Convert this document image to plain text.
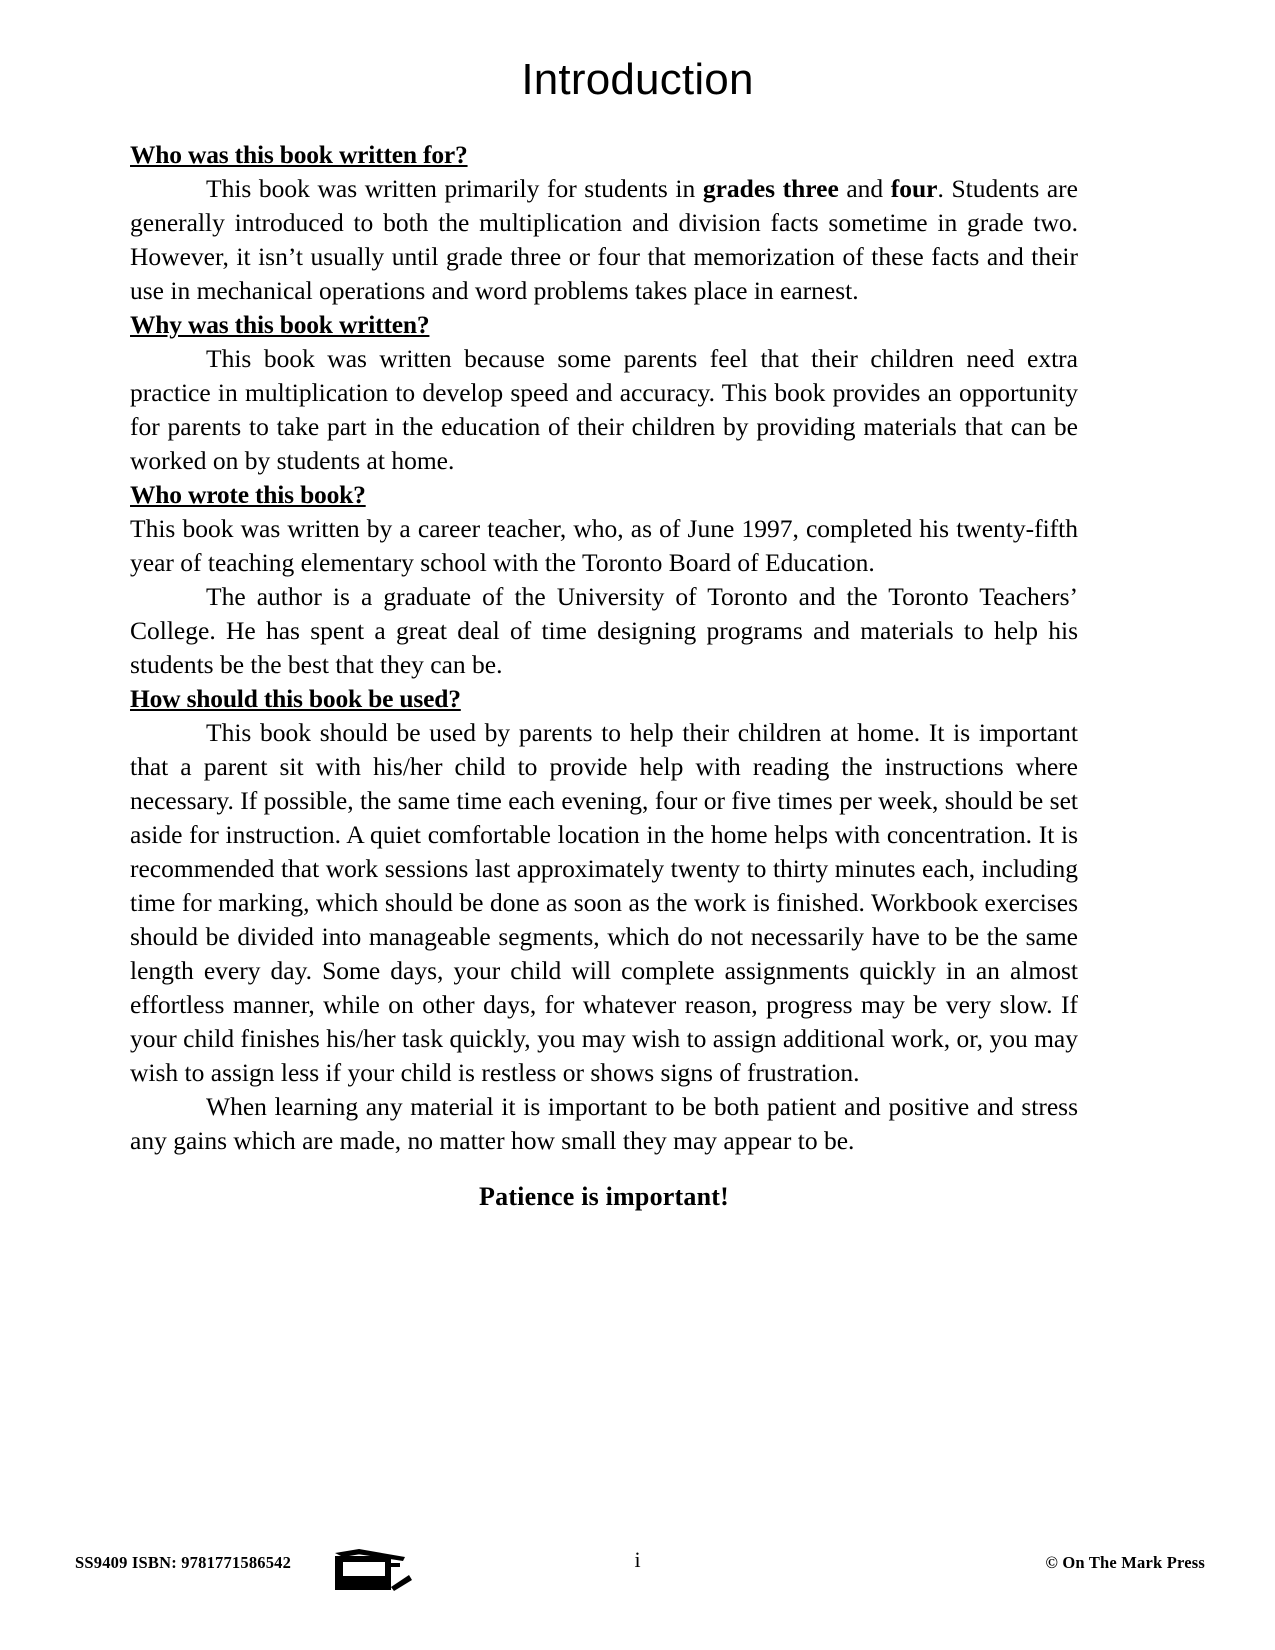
Introduction
Who was this book written for?

This book was written primarily for students in grades three and four. Students are generally introduced to both the multiplication and division facts sometime in grade two. However, it isn’t usually until grade three or four that memorization of these facts and their use in mechanical operations and word problems takes place in earnest.

Why was this book written?

This book was written because some parents feel that their children need extra practice in multiplication to develop speed and accuracy. This book provides an opportunity for parents to take part in the education of their children by providing materials that can be worked on by students at home.

Who wrote this book?

This book was written by a career teacher, who, as of June 1997, completed his twenty-fifth year of teaching elementary school with the Toronto Board of Education.

The author is a graduate of the University of Toronto and the Toronto Teachers’ College. He has spent a great deal of time designing programs and materials to help his students be the best that they can be.

How should this book be used?

This book should be used by parents to help their children at home. It is important that a parent sit with his/her child to provide help with reading the instructions where necessary. If possible, the same time each evening, four or five times per week, should be set aside for instruction. A quiet comfortable location in the home helps with concentration. It is recommended that work sessions last approximately twenty to thirty minutes each, including time for marking, which should be done as soon as the work is finished. Workbook exercises should be divided into manageable segments, which do not necessarily have to be the same length every day. Some days, your child will complete assignments quickly in an almost effortless manner, while on other days, for whatever reason, progress may be very slow. If your child finishes his/her task quickly, you may wish to assign additional work, or, you may wish to assign less if your child is restless or shows signs of frustration.

When learning any material it is important to be both patient and positive and stress any gains which are made, no matter how small they may appear to be.

Patience is important!
SS9409 ISBN: 9781771586542	i	© On The Mark Press
